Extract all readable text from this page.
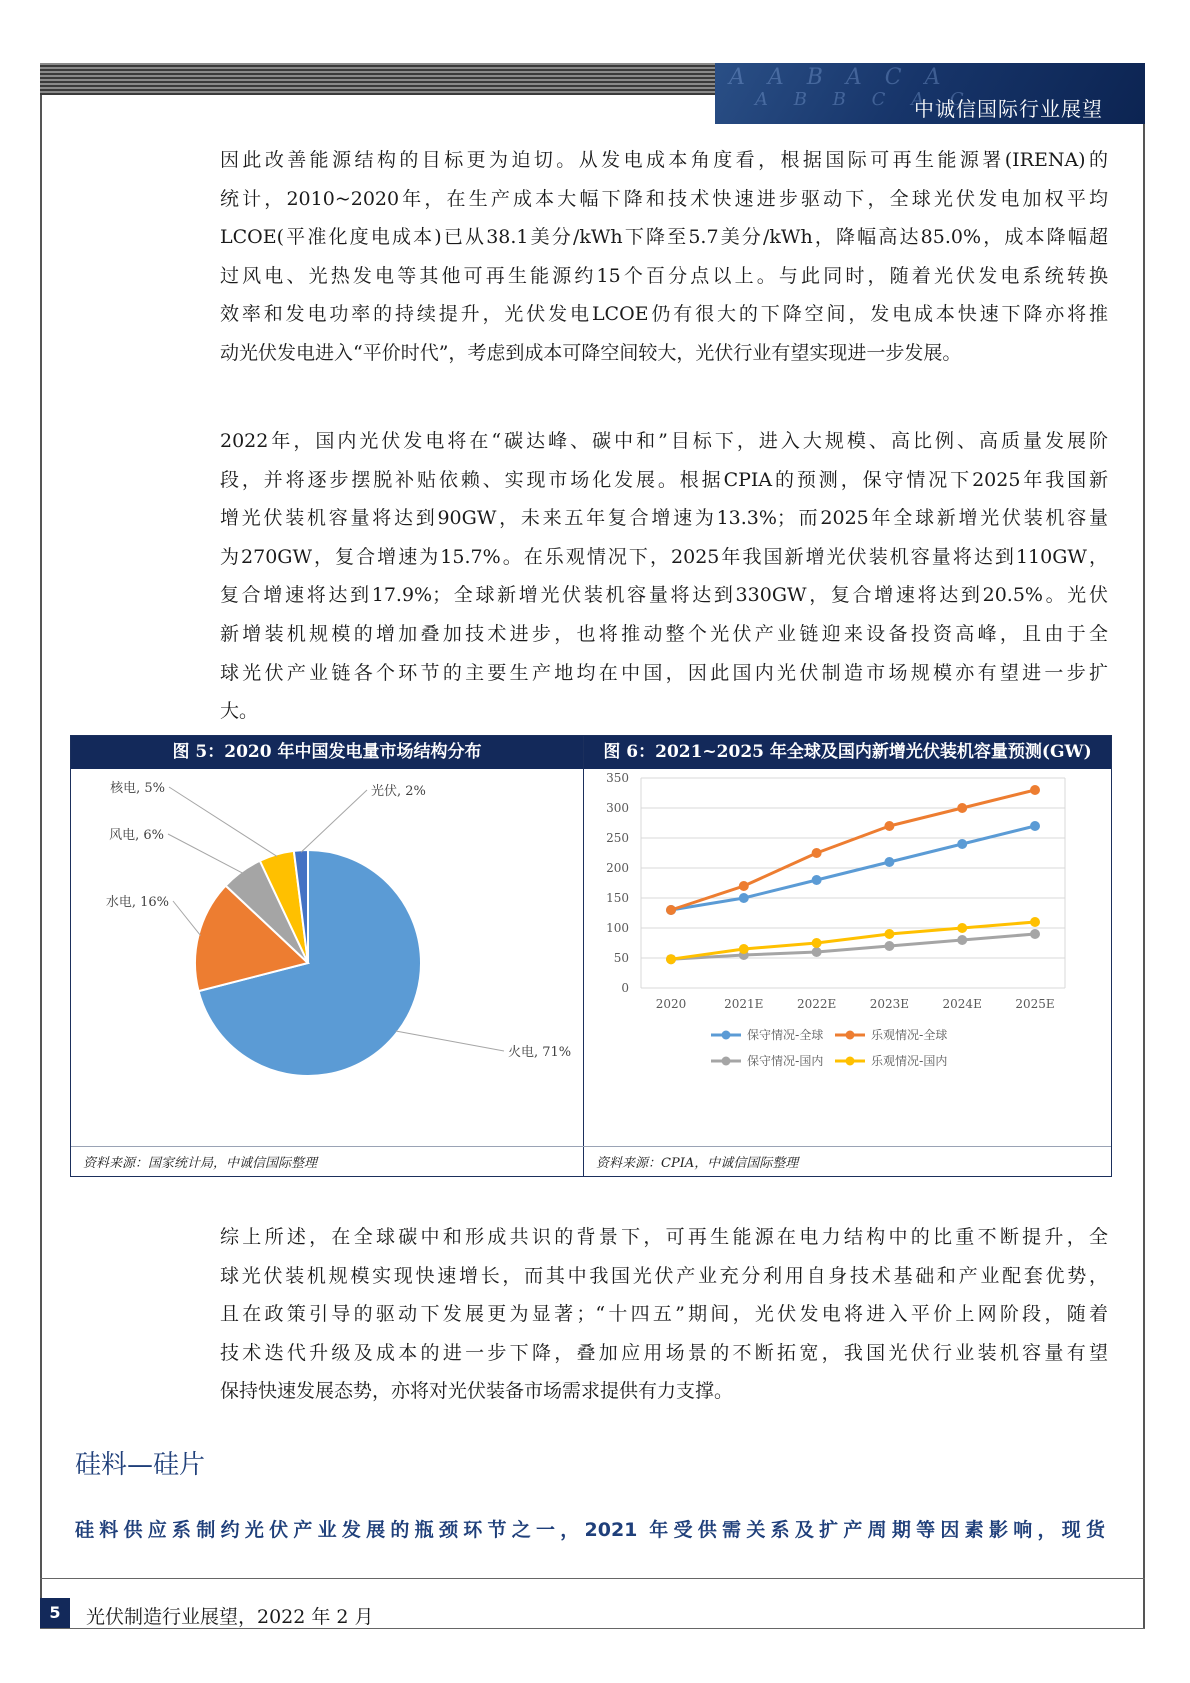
A A B A C A
A B B C A C
中诚信国际行业展望
因此改善能源结构的目标更为迫切。从发电成本角度看，根据国际可再生能源署(IRENA)的
统计，2010~2020年，在生产成本大幅下降和技术快速进步驱动下，全球光伏发电加权平均
LCOE(平准化度电成本)已从38.1美分/kWh下降至5.7美分/kWh，降幅高达85.0%，成本降幅超
过风电、光热发电等其他可再生能源约15个百分点以上。与此同时，随着光伏发电系统转换
效率和发电功率的持续提升，光伏发电LCOE仍有很大的下降空间，发电成本快速下降亦将推
动光伏发电进入“平价时代”，考虑到成本可降空间较大，光伏行业有望实现进一步发展。
2022年，国内光伏发电将在“碳达峰、碳中和”目标下，进入大规模、高比例、高质量发展阶
段，并将逐步摆脱补贴依赖、实现市场化发展。根据CPIA的预测，保守情况下2025年我国新
增光伏装机容量将达到90GW，未来五年复合增速为13.3%；而2025年全球新增光伏装机容量
为270GW，复合增速为15.7%。在乐观情况下，2025年我国新增光伏装机容量将达到110GW，
复合增速将达到17.9%；全球新增光伏装机容量将达到330GW，复合增速将达到20.5%。光伏
新增装机规模的增加叠加技术进步，也将推动整个光伏产业链迎来设备投资高峰，且由于全
球光伏产业链各个环节的主要生产地均在中国，因此国内光伏制造市场规模亦有望进一步扩
大。
图 5：2020 年中国发电量市场结构分布	图 6：2021~2025 年全球及国内新增光伏装机容量预测(GW)
火电, 71%
水电, 16%
风电, 6%
核电, 5%	光伏, 2%
0
50
100
150
200
250
300
350
2020	2021E	2022E	2023E	2024E	2025E
保守情况-全球	乐观情况-全球
保守情况-国内	乐观情况-国内
资料来源：国家统计局，中诚信国际整理	资料来源：CPIA，中诚信国际整理
综上所述，在全球碳中和形成共识的背景下，可再生能源在电力结构中的比重不断提升，全
球光伏装机规模实现快速增长，而其中我国光伏产业充分利用自身技术基础和产业配套优势，
且在政策引导的驱动下发展更为显著；“十四五”期间，光伏发电将进入平价上网阶段，随着
技术迭代升级及成本的进一步下降，叠加应用场景的不断拓宽，我国光伏行业装机容量有望
保持快速发展态势，亦将对光伏装备市场需求提供有力支撑。
硅料—硅片
硅料供应系制约光伏产业发展的瓶颈环节之一，2021 年受供需关系及扩产周期等因素影响，现货
5	光伏制造行业展望，2022 年 2 月
